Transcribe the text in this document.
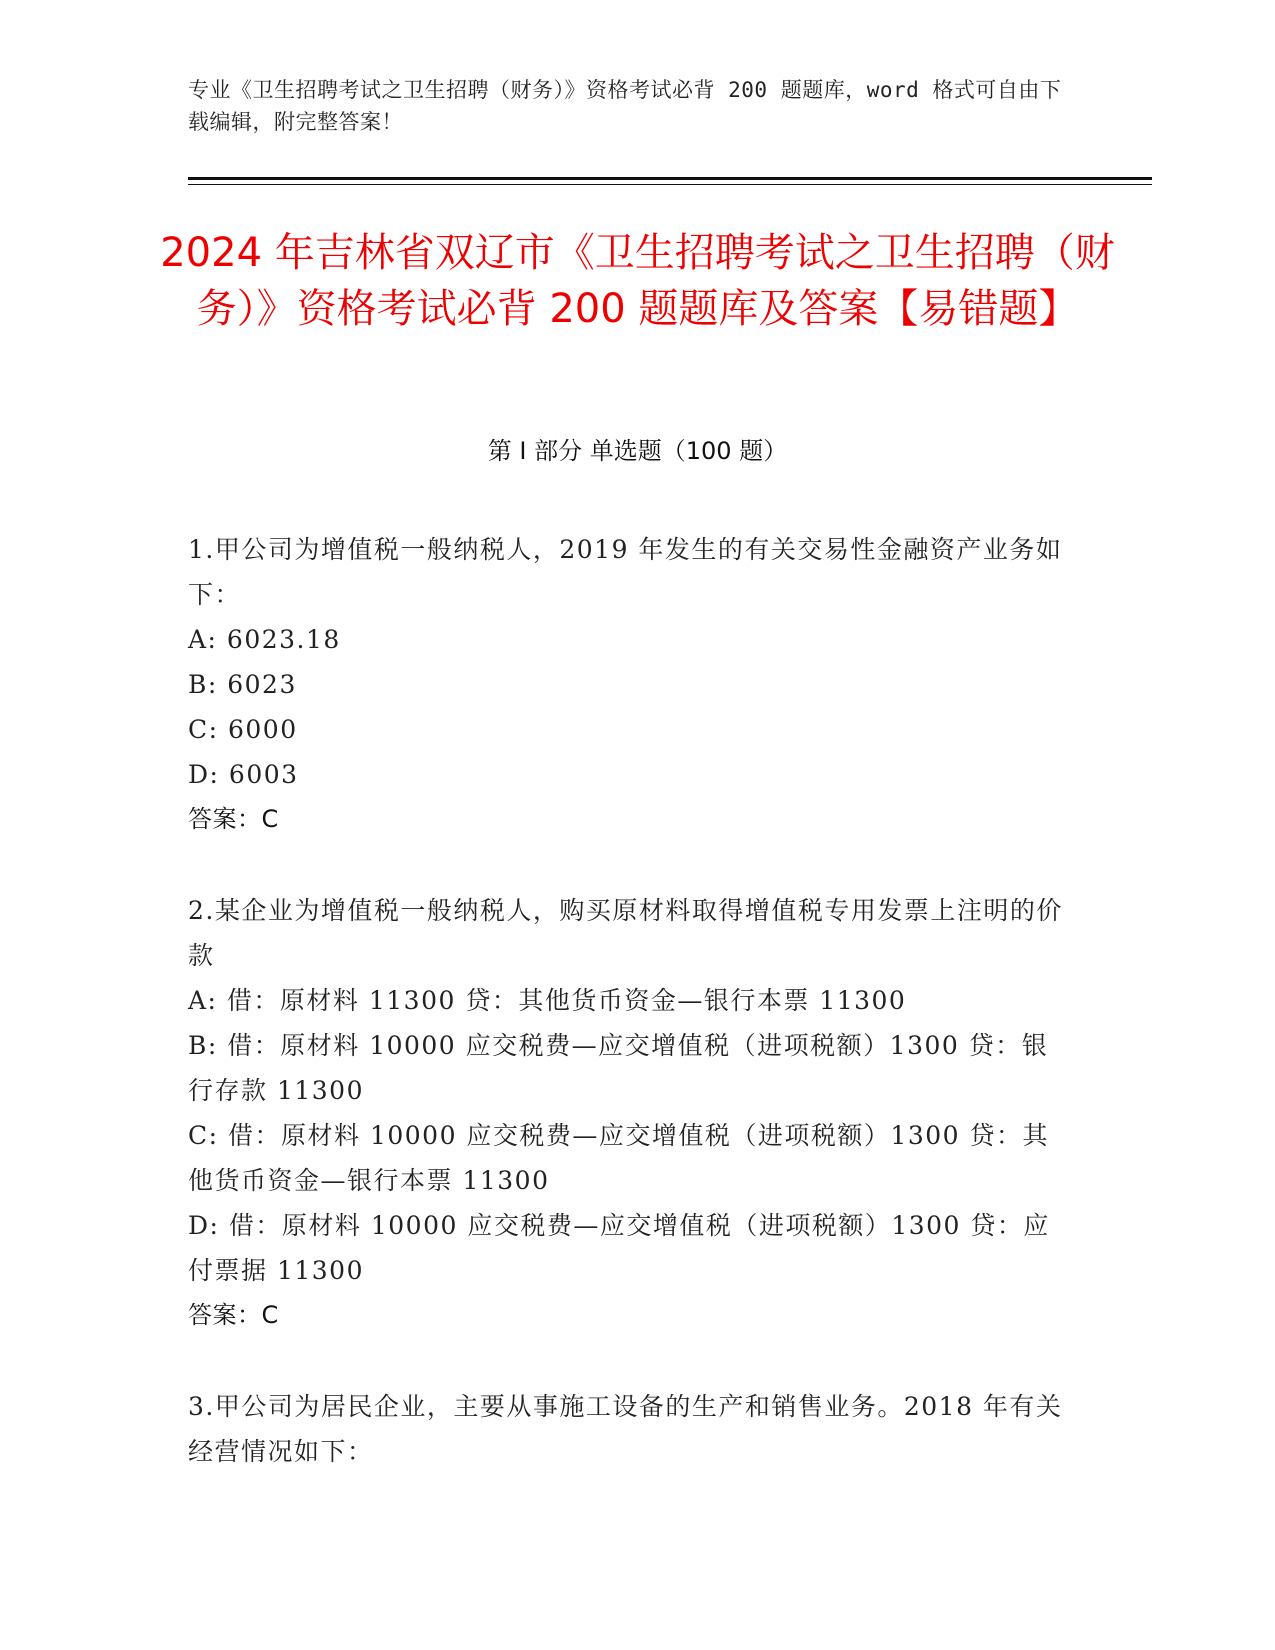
专业《卫生招聘考试之卫生招聘（财务）》资格考试必背 200 题题库，word 格式可自由下载编辑，附完整答案！
2024 年吉林省双辽市《卫生招聘考试之卫生招聘（财务）》资格考试必背 200 题题库及答案【易错题】
第 I 部分 单选题（100 题）

1.甲公司为增值税一般纳税人，2019 年发生的有关交易性金融资产业务如下：

A: 6023.18

B: 6023

C: 6000

D: 6003

答案：C

2.某企业为增值税一般纳税人，购买原材料取得增值税专用发票上注明的价款

A: 借：原材料 11300 贷：其他货币资金—银行本票 11300

B: 借：原材料 10000 应交税费—应交增值税（进项税额）1300 贷：银行存款 11300

C: 借：原材料 10000 应交税费—应交增值税（进项税额）1300 贷：其他货币资金—银行本票 11300

D: 借：原材料 10000 应交税费—应交增值税（进项税额）1300 贷：应付票据 11300

答案：C

3.甲公司为居民企业，主要从事施工设备的生产和销售业务。2018 年有关经营情况如下：
